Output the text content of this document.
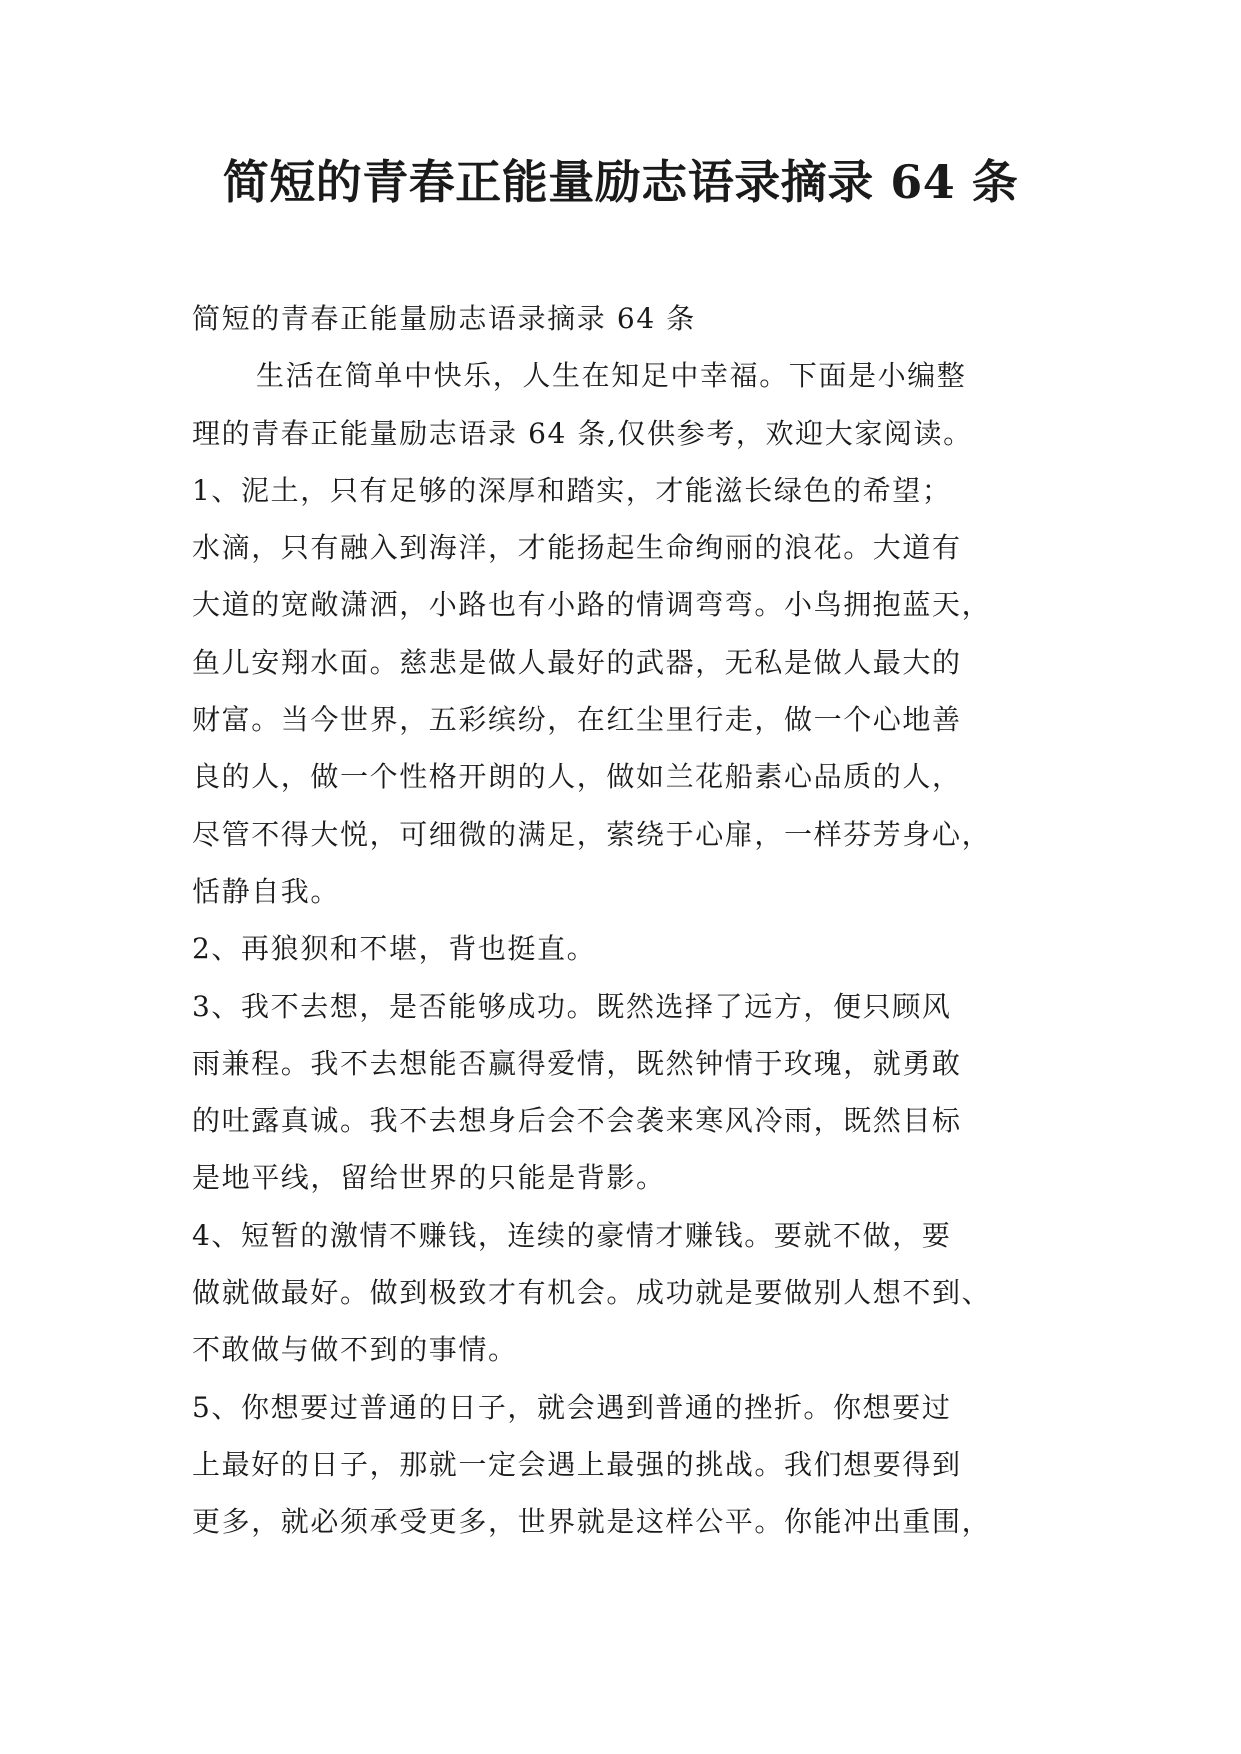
简短的青春正能量励志语录摘录 64 条
简短的青春正能量励志语录摘录 64 条
生活在简单中快乐，人生在知足中幸福。下面是小编整
理的青春正能量励志语录 64 条,仅供参考，欢迎大家阅读。
1、泥土，只有足够的深厚和踏实，才能滋长绿色的希望；
水滴，只有融入到海洋，才能扬起生命绚丽的浪花。大道有
大道的宽敞潇洒，小路也有小路的情调弯弯。小鸟拥抱蓝天，
鱼儿安翔水面。慈悲是做人最好的武器，无私是做人最大的
财富。当今世界，五彩缤纷，在红尘里行走，做一个心地善
良的人，做一个性格开朗的人，做如兰花船素心品质的人，
尽管不得大悦，可细微的满足，萦绕于心扉，一样芬芳身心，
恬静自我。
2、再狼狈和不堪，背也挺直。
3、我不去想，是否能够成功。既然选择了远方，便只顾风
雨兼程。我不去想能否赢得爱情，既然钟情于玫瑰，就勇敢
的吐露真诚。我不去想身后会不会袭来寒风冷雨，既然目标
是地平线，留给世界的只能是背影。
4、短暂的激情不赚钱，连续的豪情才赚钱。要就不做，要
做就做最好。做到极致才有机会。成功就是要做别人想不到、
不敢做与做不到的事情。
5、你想要过普通的日子，就会遇到普通的挫折。你想要过
上最好的日子，那就一定会遇上最强的挑战。我们想要得到
更多，就必须承受更多，世界就是这样公平。你能冲出重围，
